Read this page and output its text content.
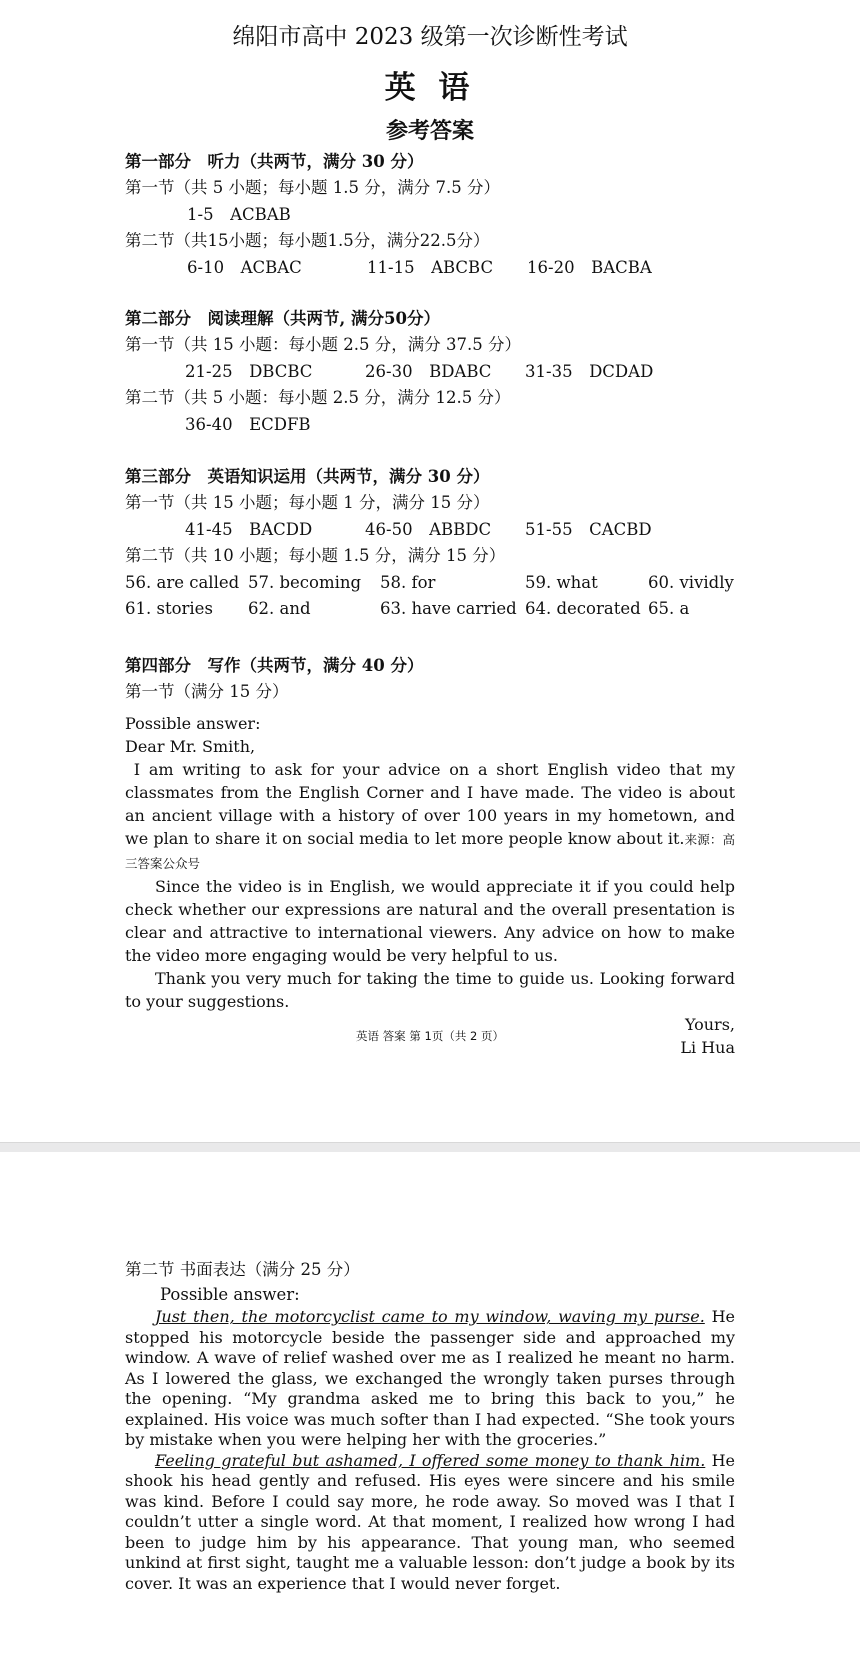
绵阳市高中 2023 级第一次诊断性考试
英 语
参考答案
第一部分　听力（共两节，满分 30 分）
第一节（共 5 小题；每小题 1.5 分，满分 7.5 分）
1-5　ACBAB
第二节（共15小题；每小题1.5分，满分22.5分）
6-10　ACBAC	11-15　ABCBC 16-20　BACBA
第二部分　阅读理解（共两节, 满分50分）
第一节（共 15 小题：每小题 2.5 分，满分 37.5 分）
21-25　DBCBC	26-30　BDABC 31-35　DCDAD
第二节（共 5 小题：每小题 2.5 分，满分 12.5 分）
36-40　ECDFB
第三部分　英语知识运用（共两节，满分 30 分）
第一节（共 15 小题；每小题 1 分，满分 15 分）
41-45　BACDD	46-50　ABBDC 51-55　CACBD
第二节（共 10 小题；每小题 1.5 分，满分 15 分）
56. are called 57. becoming 58. for	59. what	60. vividly
61. stories 62. and	63. have carried 64. decorated 65. a
第四部分　写作（共两节，满分 40 分）
第一节（满分 15 分）

Possible answer:

Dear Mr. Smith,

I am writing to ask for your advice on a short English video that my classmates from the English Corner and I have made. The video is about an ancient village with a history of over 100 years in my hometown, and we plan to share it on social media to let more people know about it.来源：高三答案公众号

Since the video is in English, we would appreciate it if you could help check whether our expressions are natural and the overall presentation is clear and attractive to international viewers. Any advice on how to make the video more engaging would be very helpful to us.

Thank you very much for taking the time to guide us. Looking forward to your suggestions.

Yours,
Li Hua
英语 答案 第 1页（共 2 页）
第二节 书面表达（满分 25 分）
Possible answer:

Just then, the motorcyclist came to my window, waving my purse. He stopped his motorcycle beside the passenger side and approached my window. A wave of relief washed over me as I realized he meant no harm. As I lowered the glass, we exchanged the wrongly taken purses through the opening. “My grandma asked me to bring this back to you,” he explained. His voice was much softer than I had expected. “She took yours by mistake when you were helping her with the groceries.”

Feeling grateful but ashamed, I offered some money to thank him. He shook his head gently and refused. His eyes were sincere and his smile was kind. Before I could say more, he rode away. So moved was I that I couldn’t utter a single word. At that moment, I realized how wrong I had been to judge him by his appearance. That young man, who seemed unkind at first sight, taught me a valuable lesson: don’t judge a book by its cover. It was an experience that I would never forget.
